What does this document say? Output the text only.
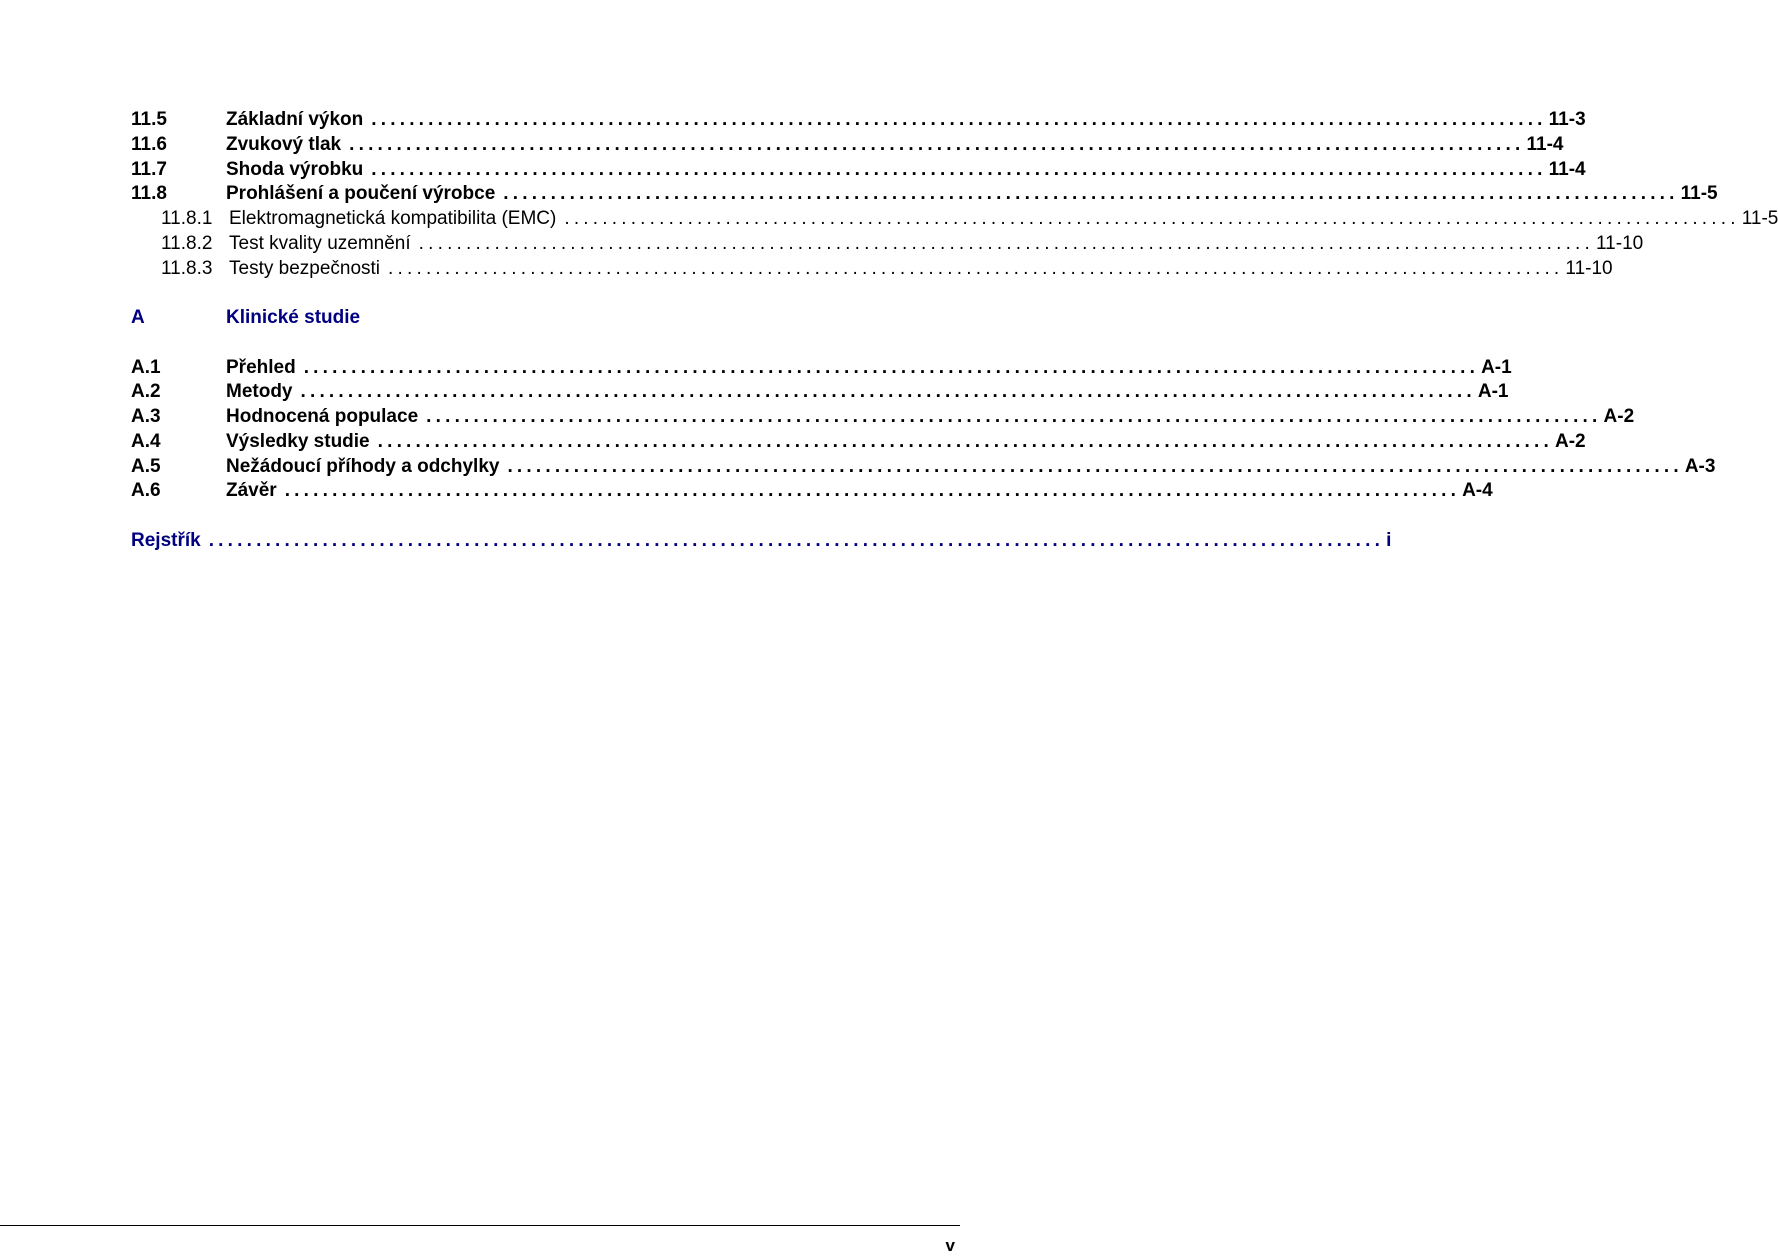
11.5	Základní výkon ............................................................................................................................ 11-3
11.6	Zvukový tlak ............................................................................................................................ 11-4
11.7	Shoda výrobku ............................................................................................................................ 11-4
11.8	Prohlášení a poučení výrobce ............................................................................................................................ 11-5
11.8.1 Elektromagnetická kompatibilita (EMC) ............................................................................................................................ 11-5
11.8.2 Test kvality uzemnění ............................................................................................................................ 11-10
11.8.3 Testy bezpečnosti ............................................................................................................................ 11-10
A	Klinické studie
A.1	Přehled ............................................................................................................................ A-1
A.2	Metody ............................................................................................................................ A-1
A.3	Hodnocená populace ............................................................................................................................ A-2
A.4	Výsledky studie ............................................................................................................................ A-2
A.5	Nežádoucí příhody a odchylky ............................................................................................................................ A-3
A.6	Závěr ............................................................................................................................ A-4
Rejstřík ............................................................................................................................ i
v
